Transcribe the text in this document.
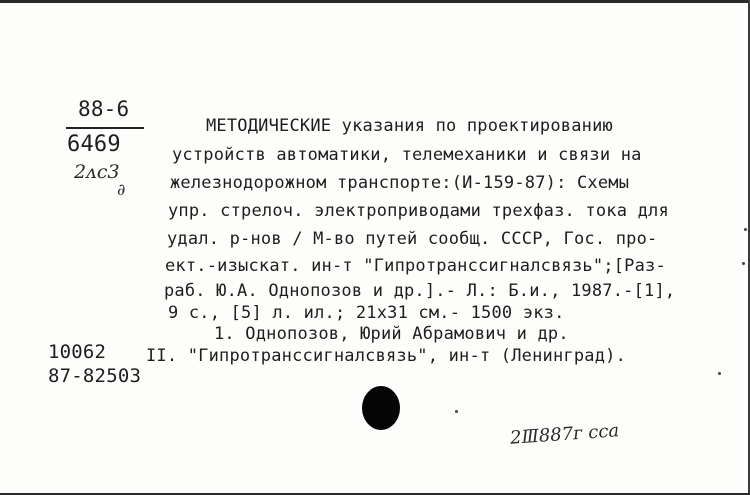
88-6
6469
2ᴧc3
∂
МЕТОДИЧЕСКИЕ указания по проектированию
устройств автоматики, телемеханики и связи на
железнодорожном транспорте:(И-159-87): Схемы
упр. стрелоч. электроприводами трехфаз. тока для
удал. р-нов / М-во путей сообщ. СССР, Гос. про-
ект.-изыскат. ин-т "Гипротранссигналсвязь";[Раз-
раб. Ю.А. Однопозов и др.].- Л.: Б.и., 1987.-[1],
9 с., [5] л. ил.; 21х31 см.- 1500 экз.
1. Однопозов, Юрий Абрамович и др.
II. "Гипротранссигналсвязь", ин-т (Ленинград).
10062
87-82503
2Ⅲ887ᴦ cca
